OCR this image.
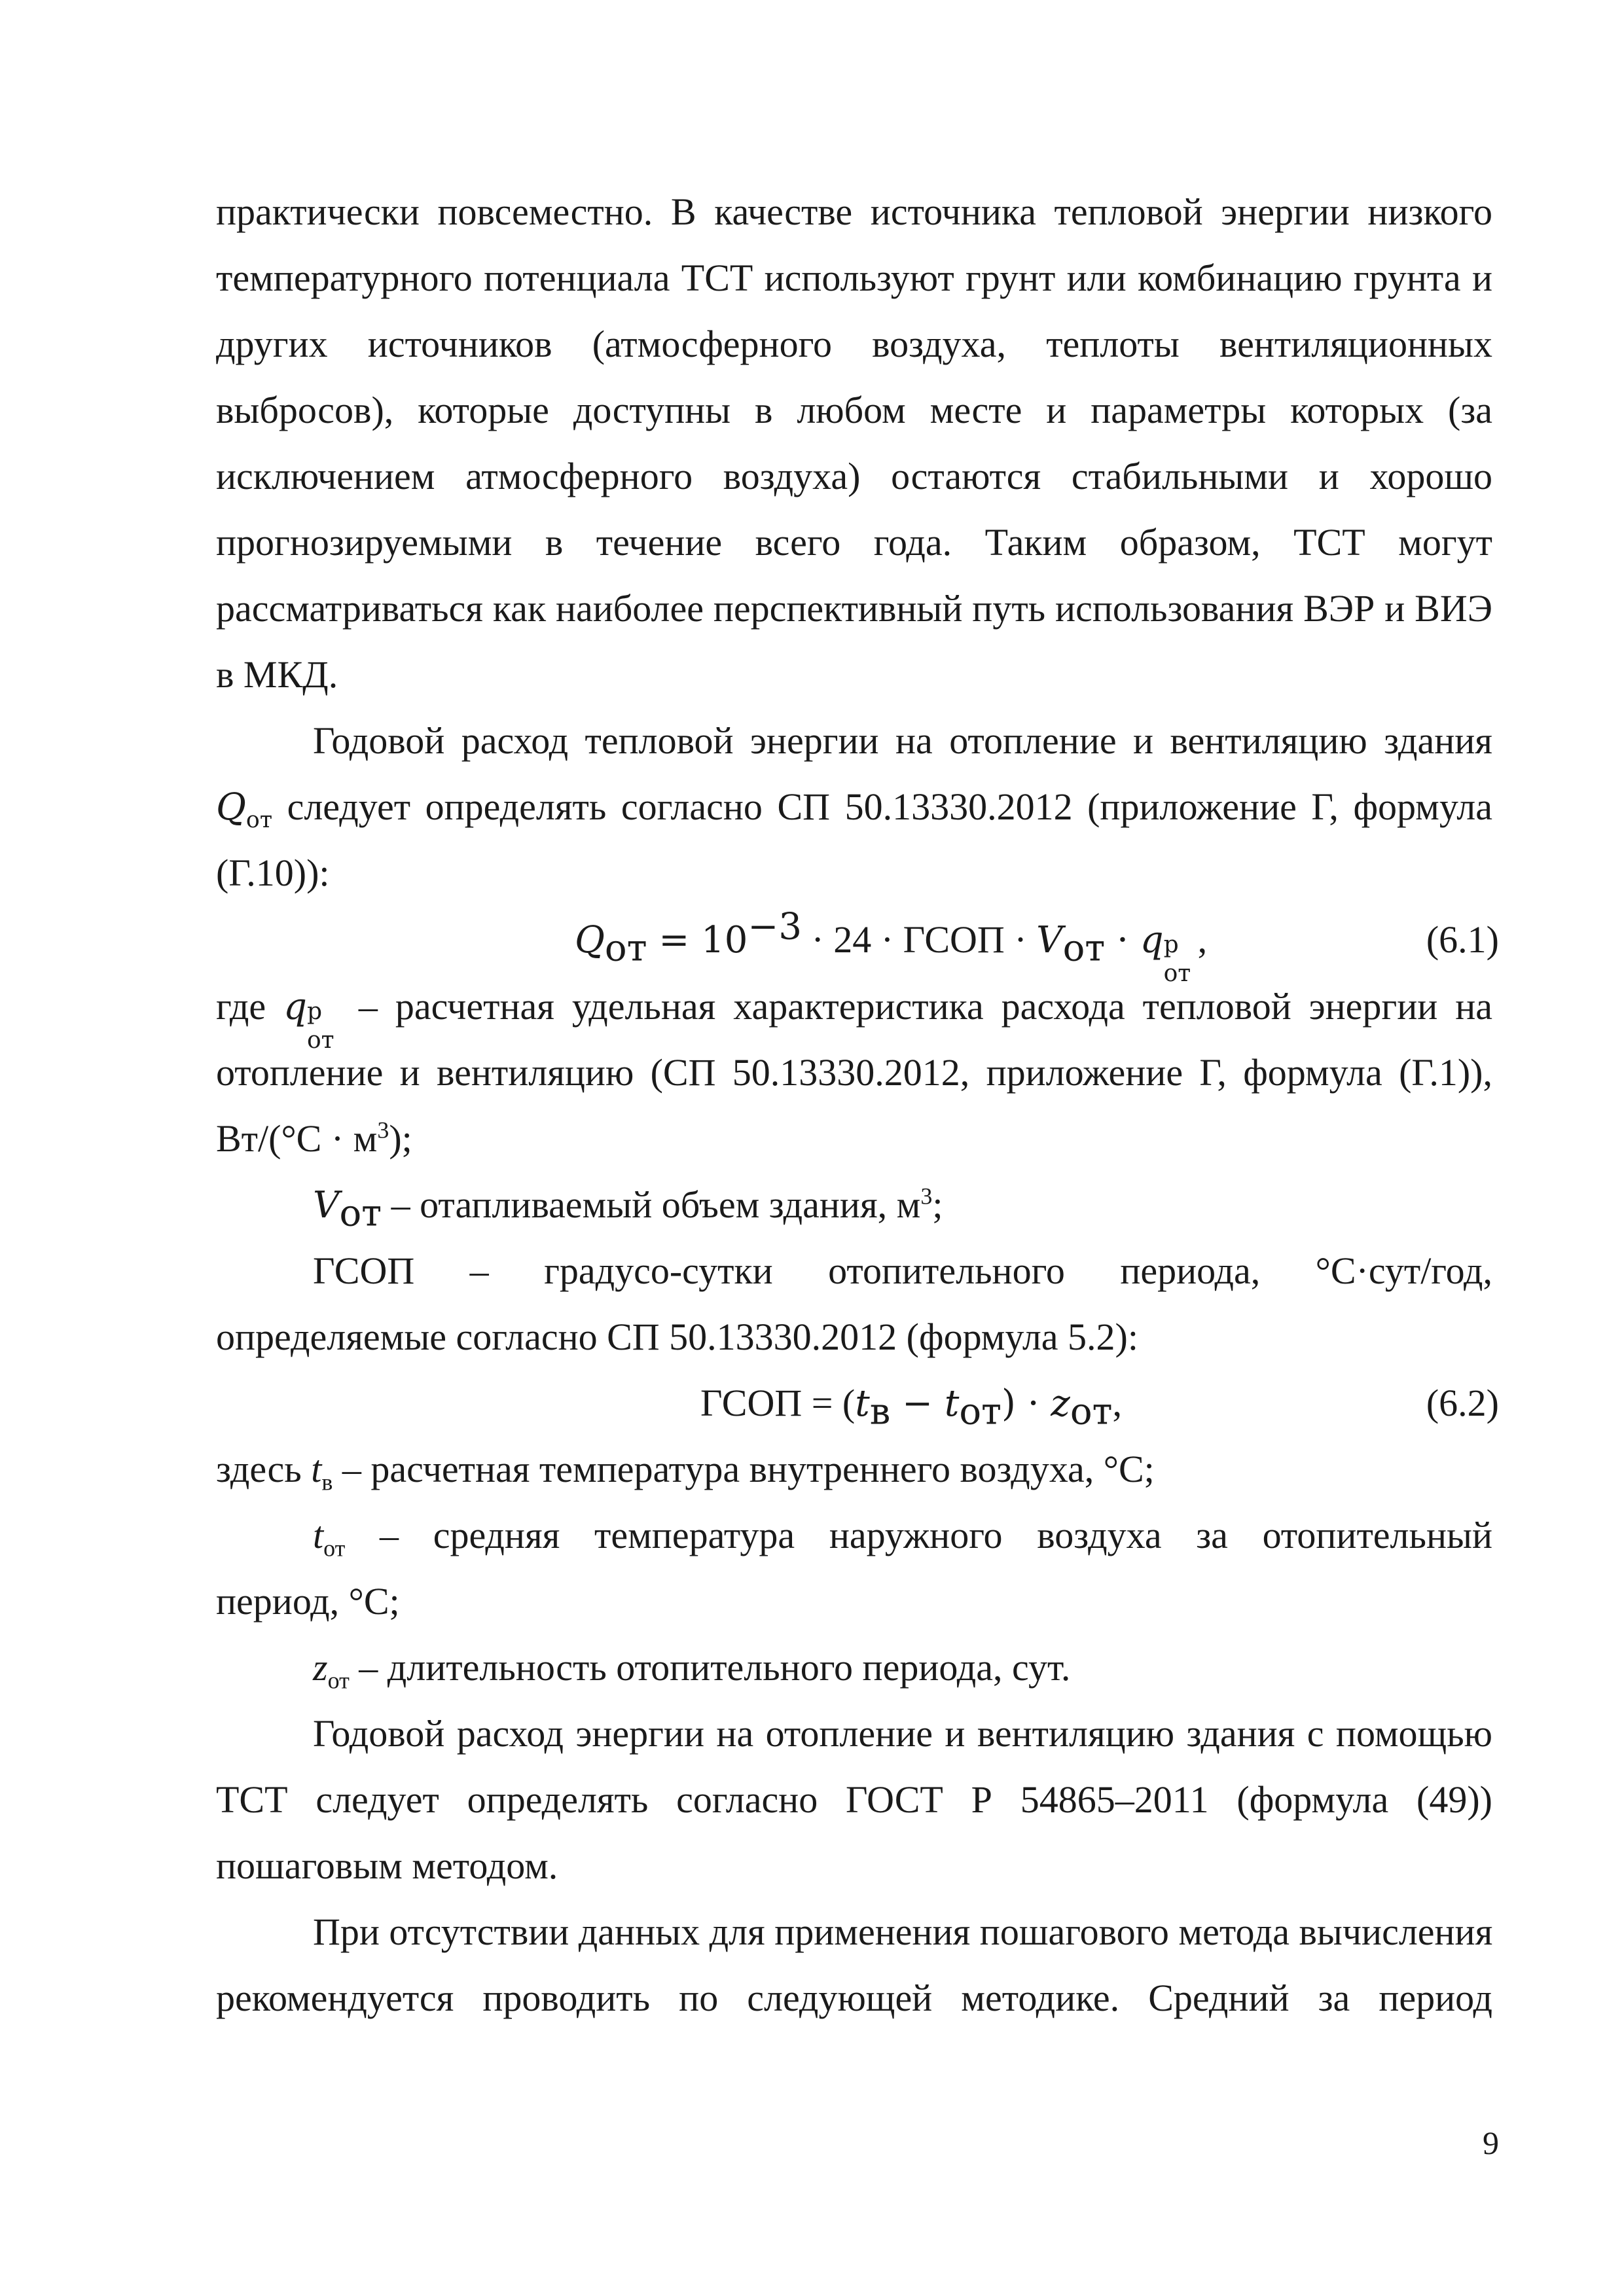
практически повсеместно. В качестве источника тепловой энергии низкого
температурного потенциала ТСТ используют грунт или комбинацию грунта и
других источников (атмосферного воздуха, теплоты вентиляционных
выбросов), которые доступны в любом месте и параметры которых (за
исключением атмосферного воздуха) остаются стабильными и хорошо
прогнозируемыми в течение всего года. Таким образом, ТСТ могут
рассматриваться как наиболее перспективный путь использования ВЭР и ВИЭ
в МКД.
Годовой расход тепловой энергии на отопление и вентиляцию здания
$Q_{от}$ следует определять согласно СП 50.13330.2012 (приложение Г, формула
(Г.10)):
$Q_{от} = 10^{-3} \cdot 24$ · ГСОП · $V_{от} \cdot q$ р
от
,	(6.1)
где q р
от
– расчетная удельная характеристика расхода тепловой энергии на
отопление и вентиляцию (СП 50.13330.2012, приложение Г, формула (Г.1)),
$Вт/(^\circ С \cdot м^3)$;
$V_{от}$ – отапливаемый объем здания, $м^3$;
ГСОП – градусо-сутки отопительного периода, °С·сут/год,
определяемые согласно СП 50.13330.2012 (формула 5.2):
ГСОП = $(t_в - t_{от}) \cdot z_{от}$,	(6.2)
здесь $t_в$ – расчетная температура внутреннего воздуха, °С;
$t_{от}$ – средняя температура наружного воздуха за отопительный
период, °С;
$z_{от}$ – длительность отопительного периода, сут.
Годовой расход энергии на отопление и вентиляцию здания с помощью
ТСТ следует определять согласно ГОСТ Р 54865–2011 (формула (49))
пошаговым методом.
При отсутствии данных для применения пошагового метода вычисления
рекомендуется проводить по следующей методике. Средний за период
9
